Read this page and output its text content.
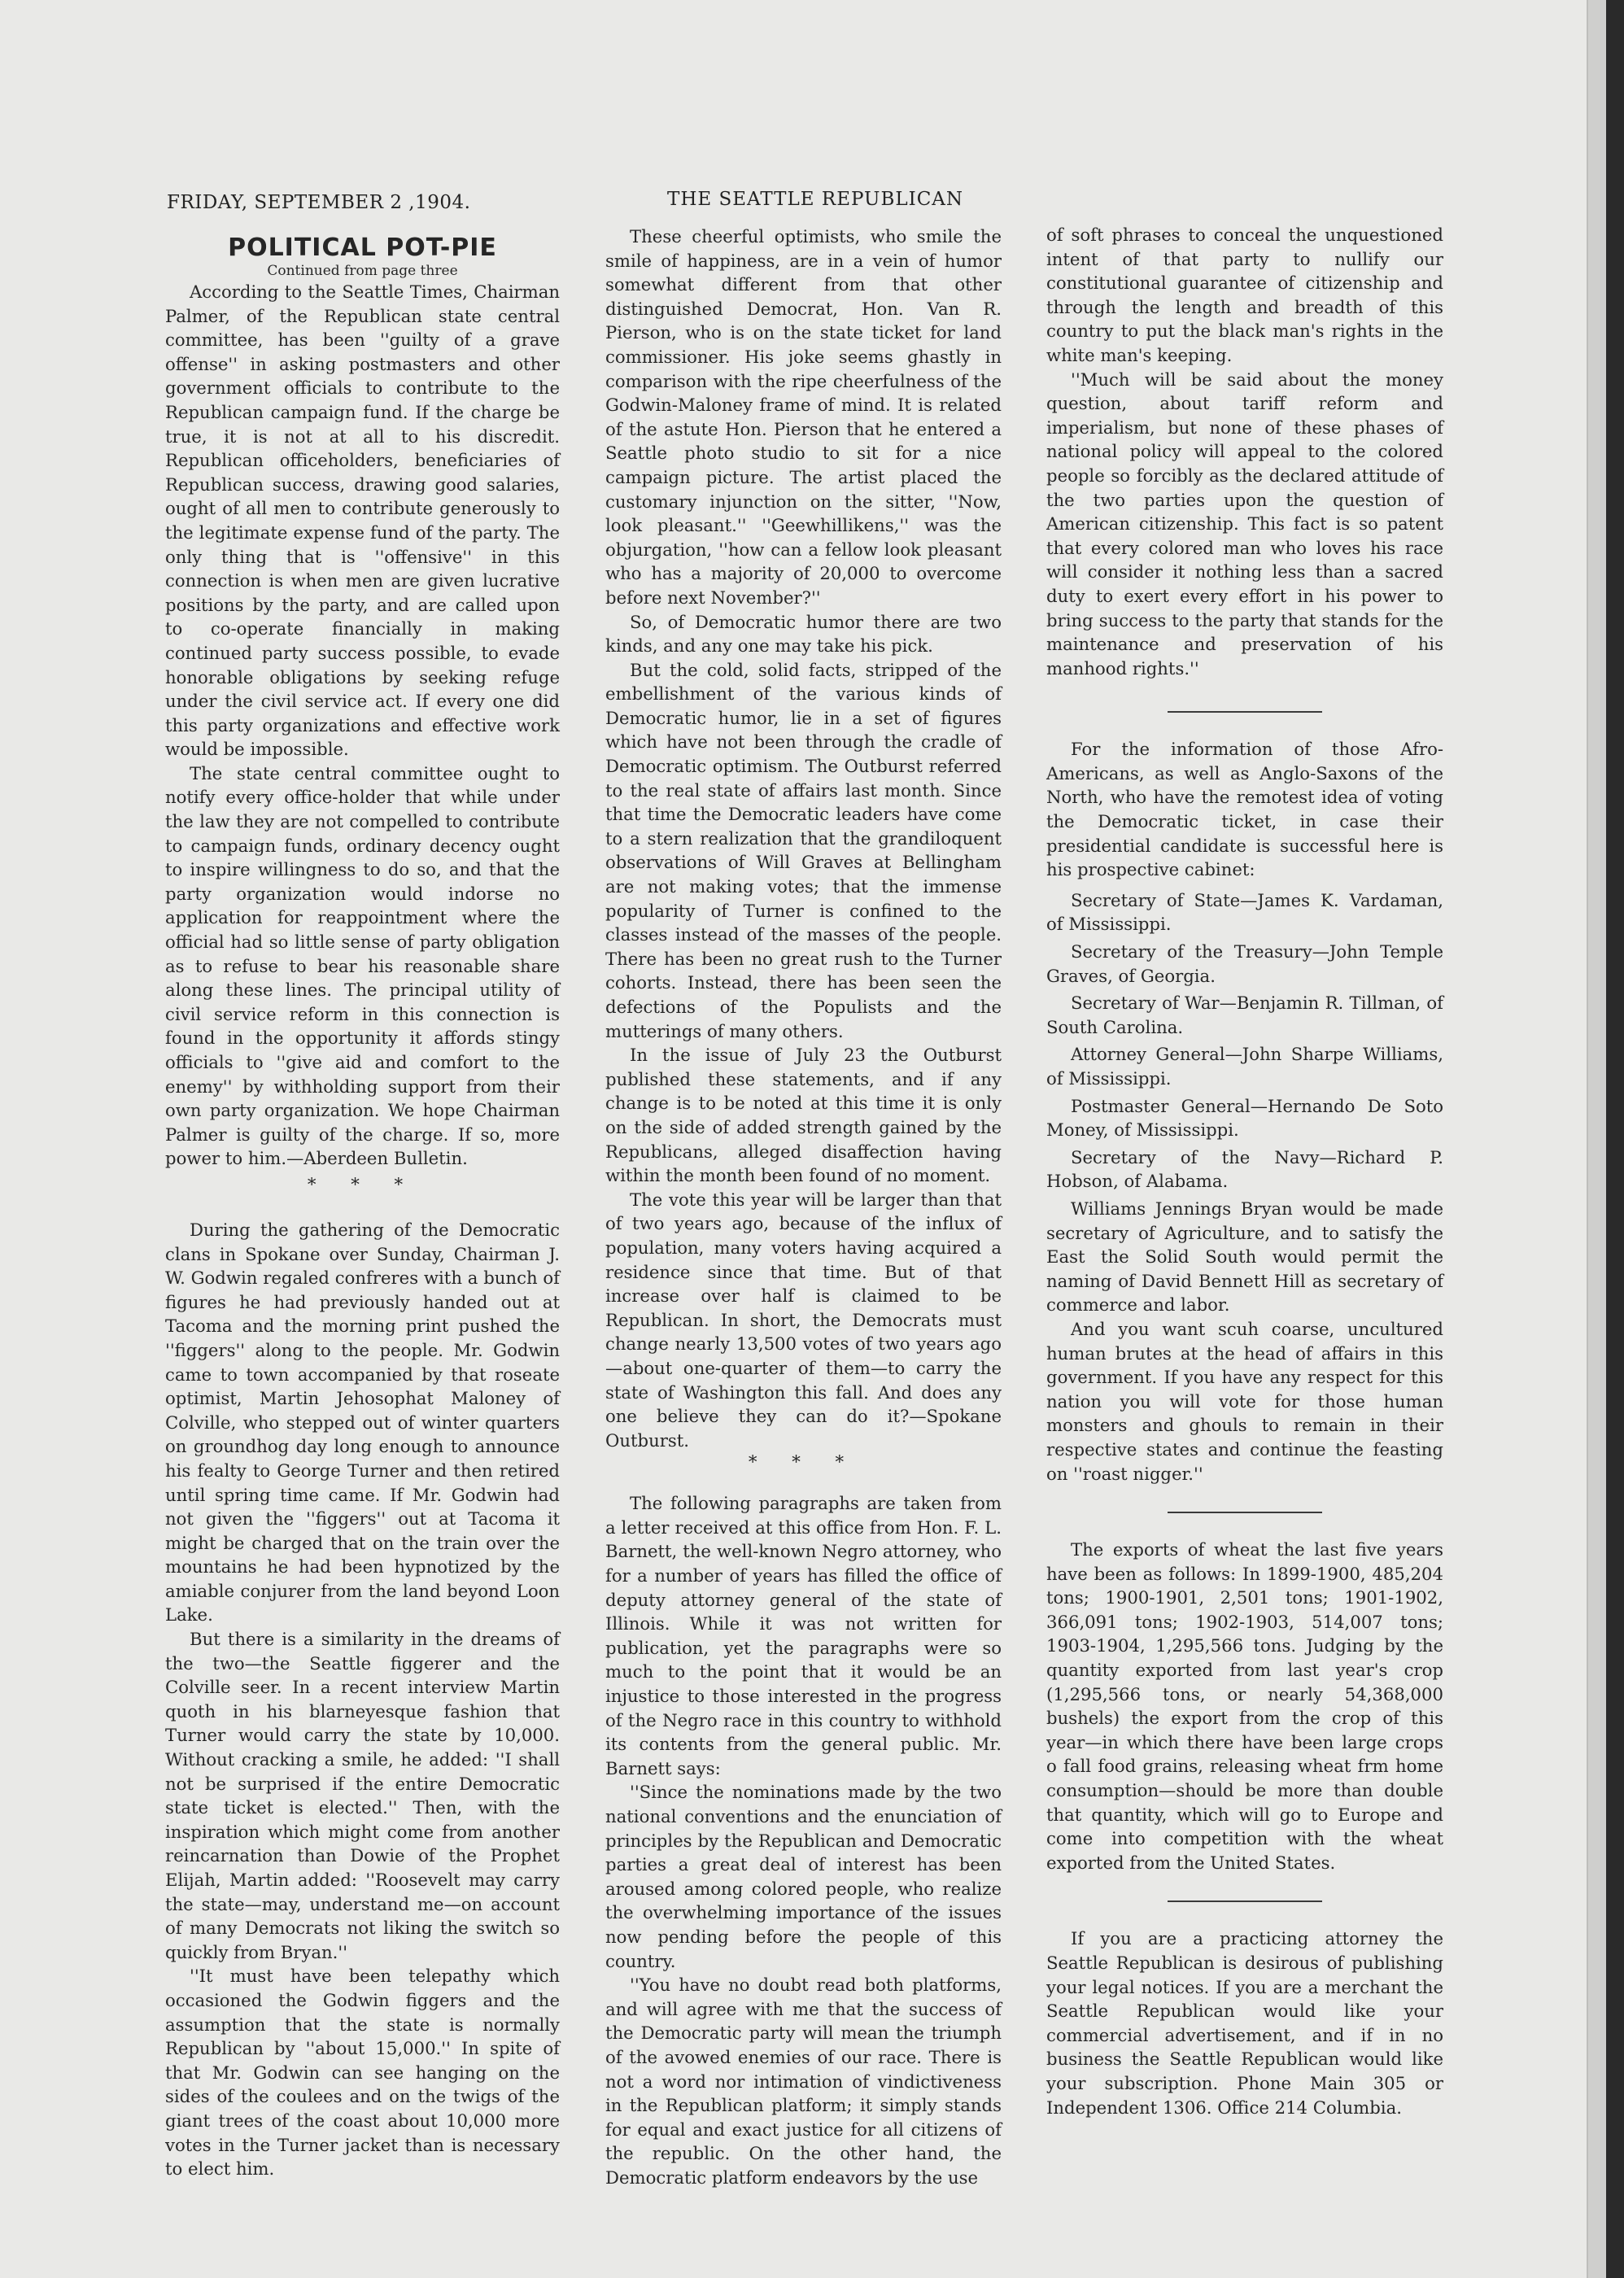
FRIDAY, SEPTEMBER 2 ,1904.	THE SEATTLE REPUBLICAN

POLITICAL POT-PIE

Continued from page three

According to the Seattle Times, Chairman Palmer, of the Republican state central committee, has been ''guilty of a grave offense'' in asking postmasters and other government officials to contribute to the Republican campaign fund. If the charge be true, it is not at all to his discredit. Republican officeholders, beneficiaries of Republican success, drawing good salaries, ought of all men to contribute generously to the legitimate expense fund of the party. The only thing that is ''offensive'' in this connection is when men are given lucrative positions by the party, and are called upon to co-operate financially in making continued party success possible, to evade honorable obligations by seeking refuge under the civil service act. If every one did this party organizations and effective work would be impossible.

The state central committee ought to notify every office-holder that while under the law they are not compelled to contribute to campaign funds, ordinary decency ought to inspire willingness to do so, and that the party organization would indorse no application for reappointment where the official had so little sense of party obligation as to refuse to bear his reasonable share along these lines. The principal utility of civil service reform in this connection is found in the opportunity it affords stingy officials to ''give aid and comfort to the enemy'' by withholding support from their own party organization. We hope Chairman Palmer is guilty of the charge. If so, more power to him.—Aberdeen Bulletin.

* * *

During the gathering of the Democratic clans in Spokane over Sunday, Chairman J. W. Godwin regaled confreres with a bunch of figures he had previously handed out at Tacoma and the morning print pushed the ''figgers'' along to the people. Mr. Godwin came to town accompanied by that roseate optimist, Martin Jehosophat Maloney of Colville, who stepped out of winter quarters on groundhog day long enough to announce his fealty to George Turner and then retired until spring time came. If Mr. Godwin had not given the ''figgers'' out at Tacoma it might be charged that on the train over the mountains he had been hypnotized by the amiable conjurer from the land beyond Loon Lake.

But there is a similarity in the dreams of the two—the Seattle figgerer and the Colville seer. In a recent interview Martin quoth in his blarneyesque fashion that Turner would carry the state by 10,000. Without cracking a smile, he added: ''I shall not be surprised if the entire Democratic state ticket is elected.'' Then, with the inspiration which might come from another reincarnation than Dowie of the Prophet Elijah, Martin added: ''Roosevelt may carry the state—may, understand me—on account of many Democrats not liking the switch so quickly from Bryan.''

''It must have been telepathy which occasioned the Godwin figgers and the assumption that the state is normally Republican by ''about 15,000.'' In spite of that Mr. Godwin can see hanging on the sides of the coulees and on the twigs of the giant trees of the coast about 10,000 more votes in the Turner jacket than is necessary to elect him.

These cheerful optimists, who smile the smile of happiness, are in a vein of humor somewhat different from that other distinguished Democrat, Hon. Van R. Pierson, who is on the state ticket for land commissioner. His joke seems ghastly in comparison with the ripe cheerfulness of the Godwin-Maloney frame of mind. It is related of the astute Hon. Pierson that he entered a Seattle photo studio to sit for a nice campaign picture. The artist placed the customary injunction on the sitter, ''Now, look pleasant.'' ''Geewhillikens,'' was the objurgation, ''how can a fellow look pleasant who has a majority of 20,000 to overcome before next November?''

So, of Democratic humor there are two kinds, and any one may take his pick.

But the cold, solid facts, stripped of the embellishment of the various kinds of Democratic humor, lie in a set of figures which have not been through the cradle of Democratic optimism. The Outburst referred to the real state of affairs last month. Since that time the Democratic leaders have come to a stern realization that the grandiloquent observations of Will Graves at Bellingham are not making votes; that the immense popularity of Turner is confined to the classes instead of the masses of the people. There has been no great rush to the Turner cohorts. Instead, there has been seen the defections of the Populists and the mutterings of many others.

In the issue of July 23 the Outburst published these statements, and if any change is to be noted at this time it is only on the side of added strength gained by the Republicans, alleged disaffection having within the month been found of no moment.

The vote this year will be larger than that of two years ago, because of the influx of population, many voters having acquired a residence since that time. But of that increase over half is claimed to be Republican. In short, the Democrats must change nearly 13,500 votes of two years ago—about one-quarter of them—to carry the state of Washington this fall. And does any one believe they can do it?—Spokane Outburst.

* * *

The following paragraphs are taken from a letter received at this office from Hon. F. L. Barnett, the well-known Negro attorney, who for a number of years has filled the office of deputy attorney general of the state of Illinois. While it was not written for publication, yet the paragraphs were so much to the point that it would be an injustice to those interested in the progress of the Negro race in this country to withhold its contents from the general public. Mr. Barnett says:

''Since the nominations made by the two national conventions and the enunciation of principles by the Republican and Democratic parties a great deal of interest has been aroused among colored people, who realize the overwhelming importance of the issues now pending before the people of this country.

''You have no doubt read both platforms, and will agree with me that the success of the Democratic party will mean the triumph of the avowed enemies of our race. There is not a word nor intimation of vindictiveness in the Republican platform; it simply stands for equal and exact justice for all citizens of the republic. On the other hand, the Democratic platform endeavors by the use

of soft phrases to conceal the unquestioned intent of that party to nullify our constitutional guarantee of citizenship and through the length and breadth of this country to put the black man's rights in the white man's keeping.

''Much will be said about the money question, about tariff reform and imperialism, but none of these phases of national policy will appeal to the colored people so forcibly as the declared attitude of the two parties upon the question of American citizenship. This fact is so patent that every colored man who loves his race will consider it nothing less than a sacred duty to exert every effort in his power to bring success to the party that stands for the maintenance and preservation of his manhood rights.''

For the information of those Afro-Americans, as well as Anglo-Saxons of the North, who have the remotest idea of voting the Democratic ticket, in case their presidential candidate is successful here is his prospective cabinet:

Secretary of State—James K. Vardaman, of Mississippi.

Secretary of the Treasury—John Temple Graves, of Georgia.

Secretary of War—Benjamin R. Tillman, of South Carolina.

Attorney General—John Sharpe Williams, of Mississippi.

Postmaster General—Hernando De Soto Money, of Mississippi.

Secretary of the Navy—Richard P. Hobson, of Alabama.

Williams Jennings Bryan would be made secretary of Agriculture, and to satisfy the East the Solid South would permit the naming of David Bennett Hill as secretary of commerce and labor.

And you want scuh coarse, uncultured human brutes at the head of affairs in this government. If you have any respect for this nation you will vote for those human monsters and ghouls to remain in their respective states and continue the feasting on ''roast nigger.''

The exports of wheat the last five years have been as follows: In 1899-1900, 485,204 tons; 1900-1901, 2,501 tons; 1901-1902, 366,091 tons; 1902-1903, 514,007 tons; 1903-1904, 1,295,566 tons. Judging by the quantity exported from last year's crop (1,295,566 tons, or nearly 54,368,000 bushels) the export from the crop of this year—in which there have been large crops o fall food grains, releasing wheat frm home consumption—should be more than double that quantity, which will go to Europe and come into competition with the wheat exported from the United States.

If you are a practicing attorney the Seattle Republican is desirous of publishing your legal notices. If you are a merchant the Seattle Republican would like your commercial advertisement, and if in no business the Seattle Republican would like your subscription. Phone Main 305 or Independent 1306. Office 214 Columbia.
